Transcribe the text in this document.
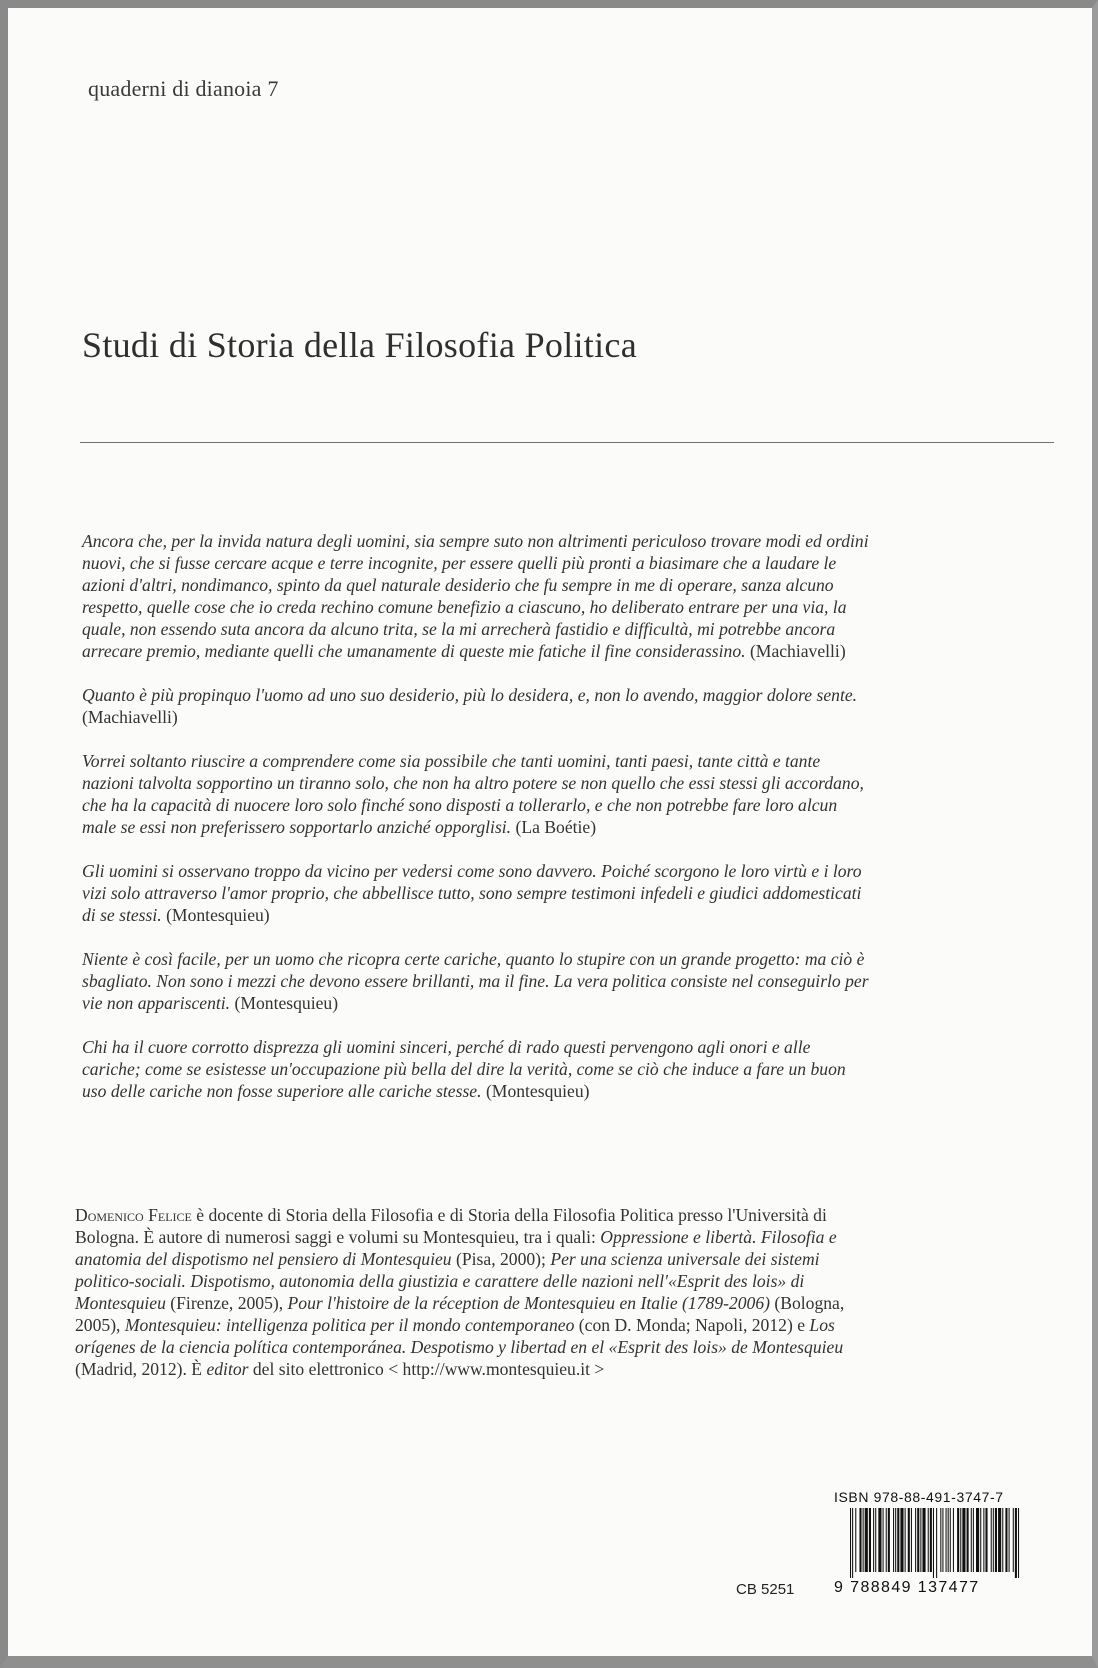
quaderni di dianoia 7
Studi di Storia della Filosofia Politica

Ancora che, per la invida natura degli uomini, sia sempre suto non altrimenti periculoso trovare modi ed ordini nuovi, che si fusse cercare acque e terre incognite, per essere quelli più pronti a biasimare che a laudare le azioni d'altri, nondimanco, spinto da quel naturale desiderio che fu sempre in me di operare, sanza alcuno respetto, quelle cose che io creda rechino comune benefizio a ciascuno, ho deliberato entrare per una via, la quale, non essendo suta ancora da alcuno trita, se la mi arrecherà fastidio e difficultà, mi potrebbe ancora arrecare premio, mediante quelli che umanamente di queste mie fatiche il fine considerassino. (Machiavelli)

Quanto è più propinquo l'uomo ad uno suo desiderio, più lo desidera, e, non lo avendo, maggior dolore sente. (Machiavelli)

Vorrei soltanto riuscire a comprendere come sia possibile che tanti uomini, tanti paesi, tante città e tante nazioni talvolta sopportino un tiranno solo, che non ha altro potere se non quello che essi stessi gli accordano, che ha la capacità di nuocere loro solo finché sono disposti a tollerarlo, e che non potrebbe fare loro alcun male se essi non preferissero sopportarlo anziché opporglisi. (La Boétie)

Gli uomini si osservano troppo da vicino per vedersi come sono davvero. Poiché scorgono le loro virtù e i loro vizi solo attraverso l'amor proprio, che abbellisce tutto, sono sempre testimoni infedeli e giudici addomesticati di se stessi. (Montesquieu)

Niente è così facile, per un uomo che ricopra certe cariche, quanto lo stupire con un grande progetto: ma ciò è sbagliato. Non sono i mezzi che devono essere brillanti, ma il fine. La vera politica consiste nel conseguirlo per vie non appariscenti. (Montesquieu)

Chi ha il cuore corrotto disprezza gli uomini sinceri, perché di rado questi pervengono agli onori e alle cariche; come se esistesse un'occupazione più bella del dire la verità, come se ciò che induce a fare un buon uso delle cariche non fosse superiore alle cariche stesse. (Montesquieu)

Domenico Felice è docente di Storia della Filosofia e di Storia della Filosofia Politica presso l'Università di Bologna. È autore di numerosi saggi e volumi su Montesquieu, tra i quali: Oppressione e libertà. Filosofia e anatomia del dispotismo nel pensiero di Montesquieu (Pisa, 2000); Per una scienza universale dei sistemi politico-sociali. Dispotismo, autonomia della giustizia e carattere delle nazioni nell'«Esprit des lois» di Montesquieu (Firenze, 2005), Pour l'histoire de la réception de Montesquieu en Italie (1789-2006) (Bologna, 2005), Montesquieu: intelligenza politica per il mondo contemporaneo (con D. Monda; Napoli, 2012) e Los orígenes de la ciencia política contemporánea. Despotismo y libertad en el «Esprit des lois» de Montesquieu (Madrid, 2012). È editor del sito elettronico < http://www.montesquieu.it >
ISBN 978-88-491-3747-7
9 788849 137477
CB 5251
